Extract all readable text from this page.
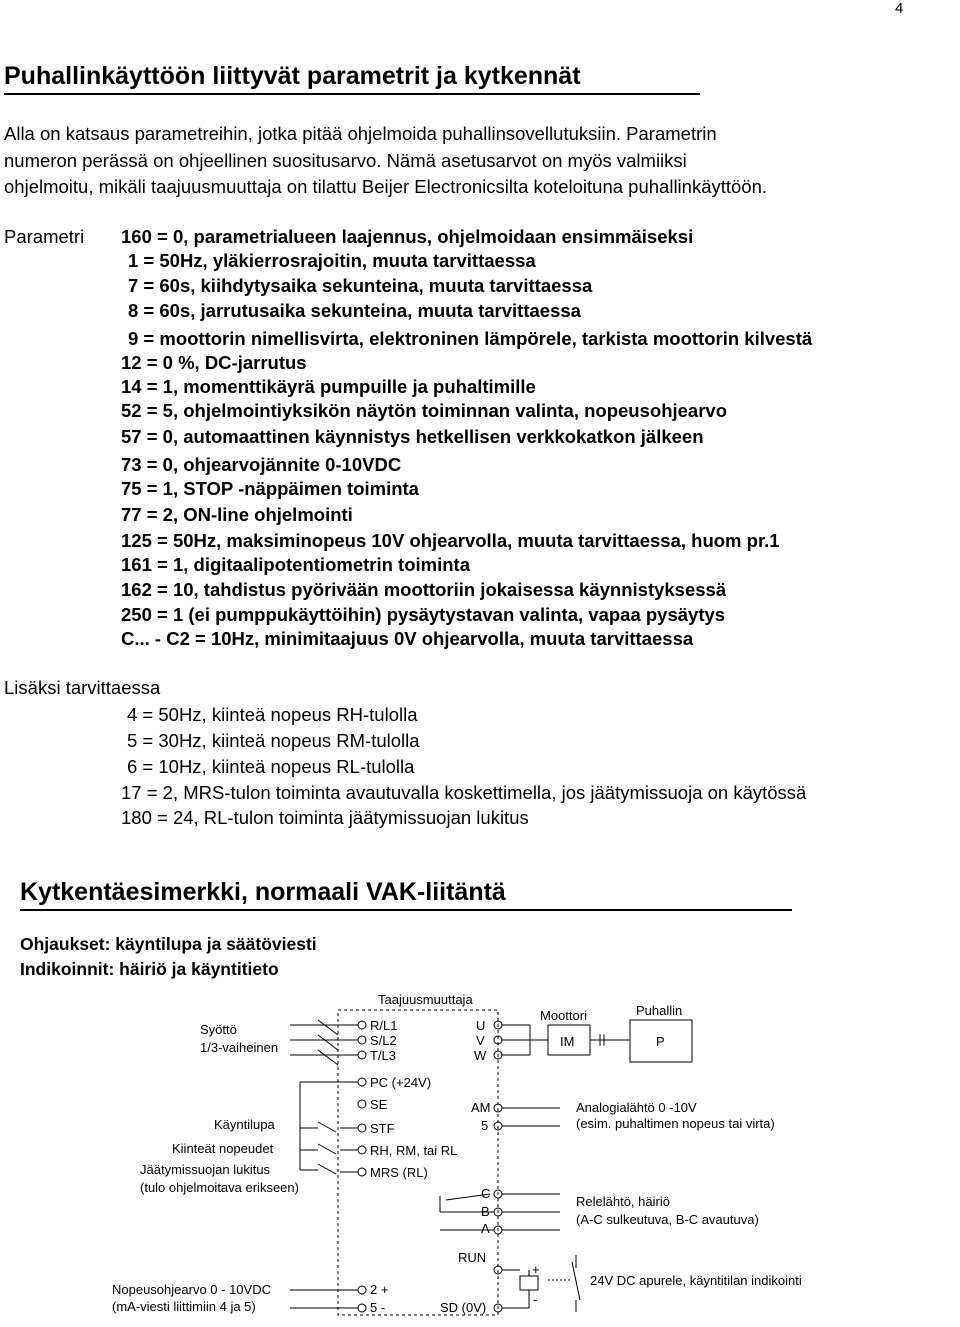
4
Puhallinkäyttöön liittyvät parametrit ja kytkennät
Alla on katsaus parametreihin, jotka pitää ohjelmoida puhallinsovellutuksiin. Parametrin
numeron perässä on ohjeellinen suositusarvo. Nämä asetusarvot on myös valmiiksi
ohjelmoitu, mikäli taajuusmuuttaja on tilattu Beijer Electronicsilta koteloituna puhallinkäyttöön.
Parametri 160 = 0, parametrialueen laajennus, ohjelmoidaan ensimmäiseksi
1 = 50Hz, yläkierrosrajoitin, muuta tarvittaessa
7 = 60s, kiihdytysaika sekunteina, muuta tarvittaessa
8 = 60s, jarrutusaika sekunteina, muuta tarvittaessa
9 = moottorin nimellisvirta, elektroninen lämpörele, tarkista moottorin kilvestä
12 = 0 %, DC-jarrutus
14 = 1, momenttikäyrä pumpuille ja puhaltimille
52 = 5, ohjelmointiyksikön näytön toiminnan valinta, nopeusohjearvo
57 = 0, automaattinen käynnistys hetkellisen verkkokatkon jälkeen
73 = 0, ohjearvojännite 0-10VDC
75 = 1, STOP -näppäimen toiminta
77 = 2, ON-line ohjelmointi
125 = 50Hz, maksiminopeus 10V ohjearvolla, muuta tarvittaessa, huom pr.1
161 = 1, digitaalipotentiometrin toiminta
162 = 10, tahdistus pyörivään moottoriin jokaisessa käynnistyksessä
250 = 1 (ei pumppukäyttöihin) pysäytystavan valinta, vapaa pysäytys
C... - C2 = 10Hz, minimitaajuus 0V ohjearvolla, muuta tarvittaessa
Lisäksi tarvittaessa
4 = 50Hz, kiinteä nopeus RH-tulolla
5 = 30Hz, kiinteä nopeus RM-tulolla
6 = 10Hz, kiinteä nopeus RL-tulolla
17 = 2, MRS-tulon toiminta avautuvalla koskettimella, jos jäätymissuoja on käytössä
180 = 24, RL-tulon toiminta jäätymissuojan lukitus
Kytkentäesimerkki, normaali VAK-liitäntä
Ohjaukset: käyntilupa ja säätöviesti
Indikoinnit: häiriö ja käyntitieto
Taajuusmuuttaja
Moottori	Puhallin
IM	P
Syöttö
1/3-vaiheinen
R/L1
S/L2
T/L3
U
V
W
PC (+24V)
SE
STF
RH, RM, tai RL
MRS (RL)
Käyntilupa
Kiinteät nopeudet
Jäätymissuojan lukitus
(tulo ohjelmoitava erikseen)
AM
5
Analogialähtö 0 -10V
(esim. puhaltimen nopeus tai virta)
C
B
A
Relelähtö, häiriö
(A-C sulkeutuva, B-C avautuva)
RUN
+
-
24V DC apurele, käyntitilan indikointi
Nopeusohjearvo 0 - 10VDC
(mA-viesti liittimiin 4 ja 5)
2 +
5 -	SD (0V)
